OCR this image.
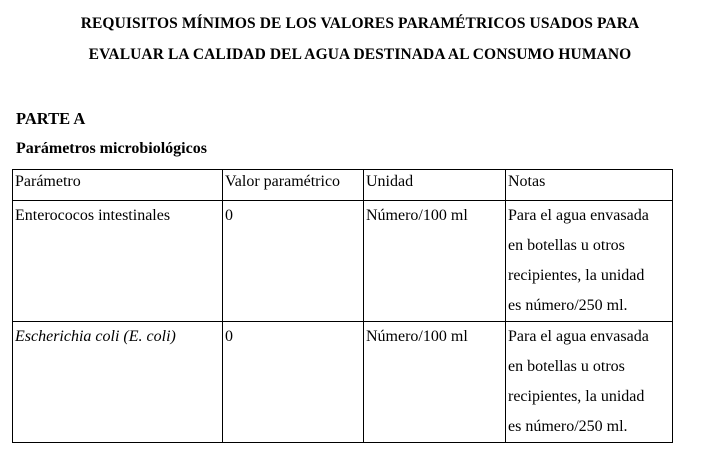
REQUISITOS MÍNIMOS DE LOS VALORES PARAMÉTRICOS USADOS PARA
EVALUAR LA CALIDAD DEL AGUA DESTINADA AL CONSUMO HUMANO
PARTE A
Parámetros microbiológicos
Parámetro	Valor paramétrico	Unidad	Notas
Enterococos intestinales	0	Número/100 ml	Para el agua envasada
en botellas u otros
recipientes, la unidad
es número/250 ml.
Escherichia coli (E. coli)	0	Número/100 ml	Para el agua envasada
en botellas u otros
recipientes, la unidad
es número/250 ml.
